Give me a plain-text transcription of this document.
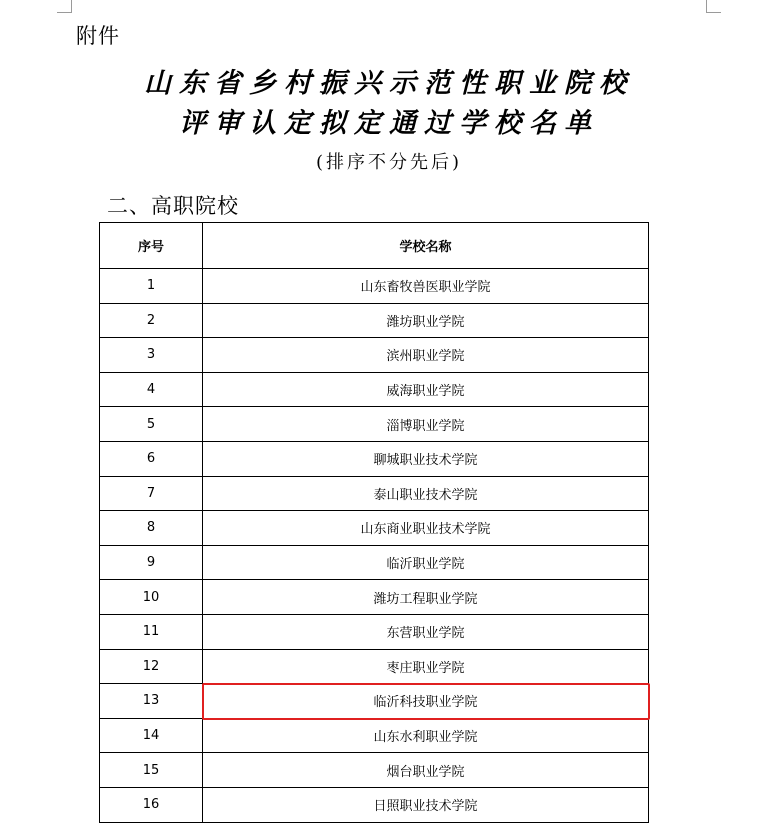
附件
山东省乡村振兴示范性职业院校
评审认定拟定通过学校名单
(排序不分先后)
二、高职院校
序号	学校名称
1	山东畜牧兽医职业学院
2	潍坊职业学院
3	滨州职业学院
4	威海职业学院
5	淄博职业学院
6	聊城职业技术学院
7	泰山职业技术学院
8	山东商业职业技术学院
9	临沂职业学院
10	潍坊工程职业学院
11	东营职业学院
12	枣庄职业学院
13	临沂科技职业学院
14	山东水利职业学院
15	烟台职业学院
16	日照职业技术学院
